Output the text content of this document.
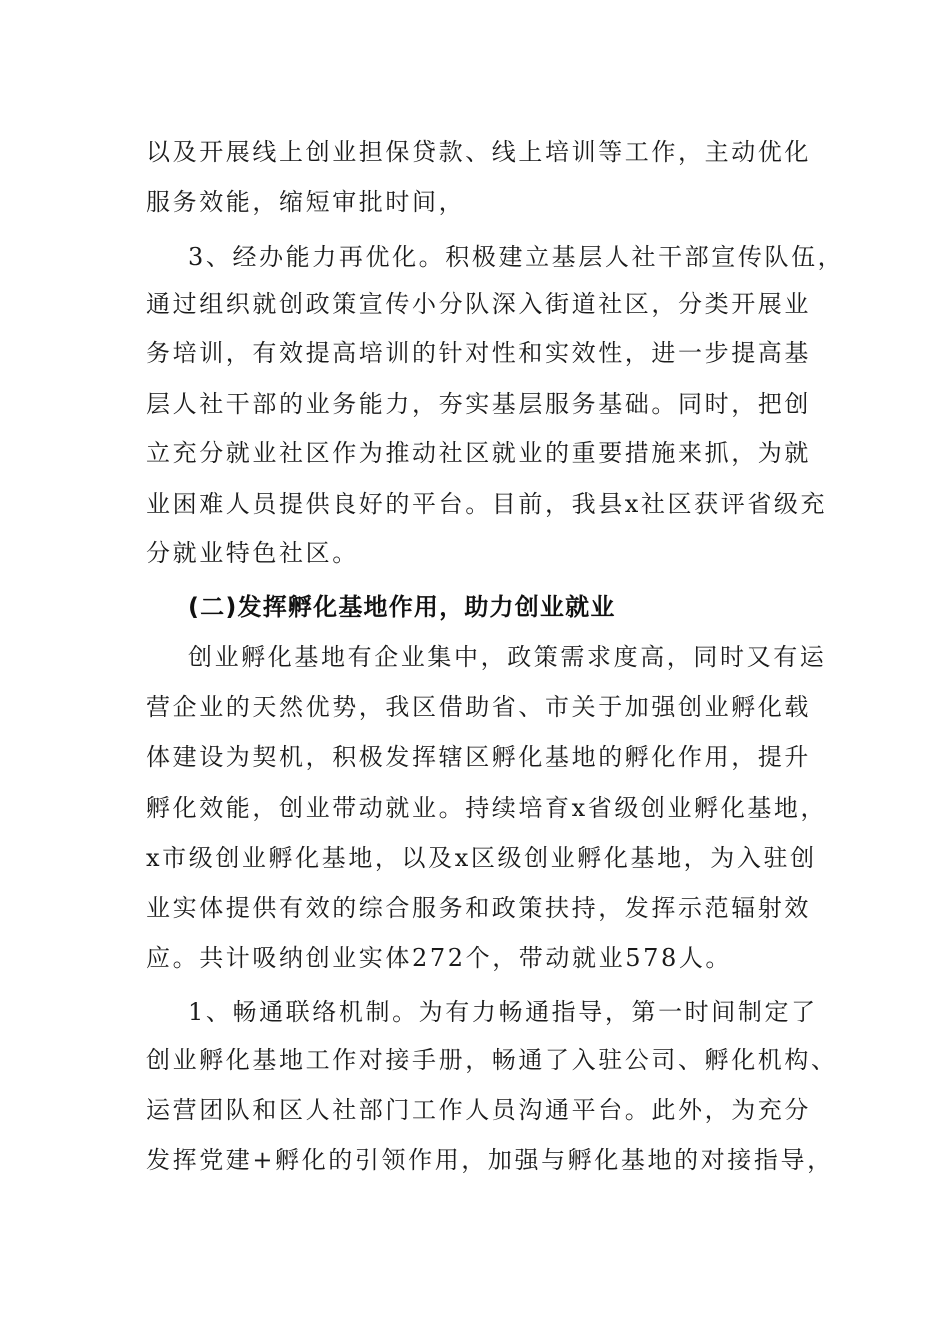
以及开展线上创业担保贷款、线上培训等工作，主动优化
服务效能，缩短审批时间，
3、经办能力再优化。积极建立基层人社干部宣传队伍，
通过组织就创政策宣传小分队深入街道社区，分类开展业
务培训，有效提高培训的针对性和实效性，进一步提高基
层人社干部的业务能力，夯实基层服务基础。同时，把创
立充分就业社区作为推动社区就业的重要措施来抓，为就
业困难人员提供良好的平台。目前，我县x社区获评省级充
分就业特色社区。
(二)发挥孵化基地作用，助力创业就业
创业孵化基地有企业集中，政策需求度高，同时又有运
营企业的天然优势，我区借助省、市关于加强创业孵化载
体建设为契机，积极发挥辖区孵化基地的孵化作用，提升
孵化效能，创业带动就业。持续培育x省级创业孵化基地，
x市级创业孵化基地，以及x区级创业孵化基地，为入驻创
业实体提供有效的综合服务和政策扶持，发挥示范辐射效
应。共计吸纳创业实体272个，带动就业578人。
1、畅通联络机制。为有力畅通指导，第一时间制定了
创业孵化基地工作对接手册，畅通了入驻公司、孵化机构、
运营团队和区人社部门工作人员沟通平台。此外，为充分
发挥党建+孵化的引领作用，加强与孵化基地的对接指导，
